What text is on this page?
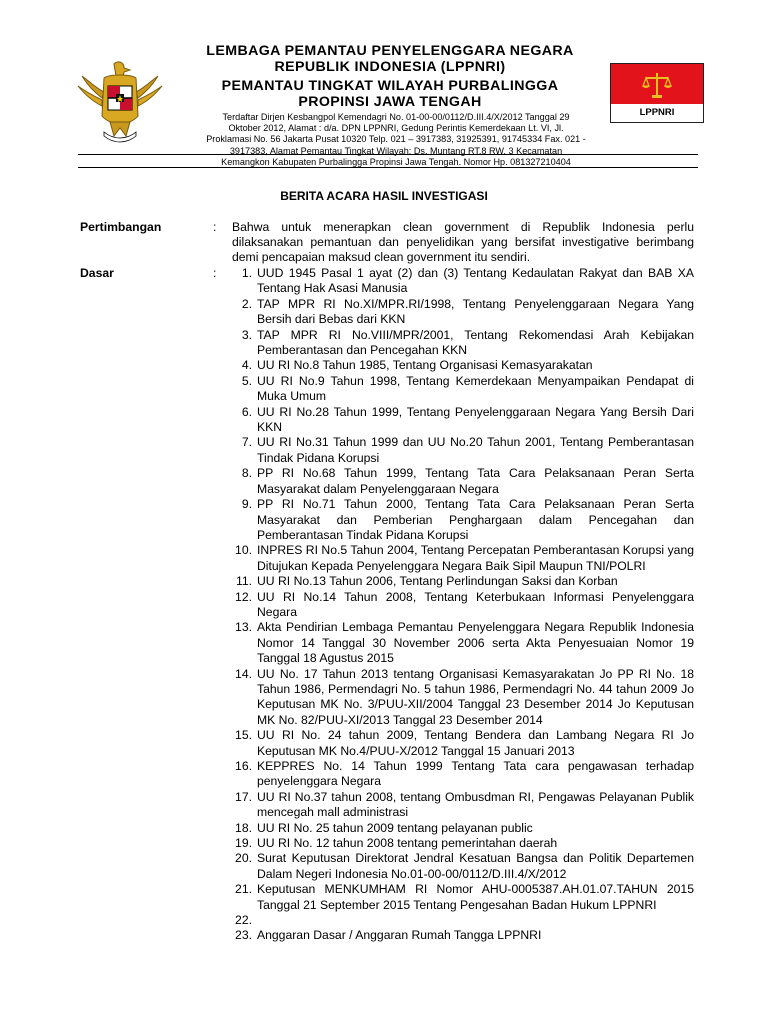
LEMBAGA PEMANTAU PENYELENGGARA NEGARA
REPUBLIK INDONESIA (LPPNRI)
PEMANTAU TINGKAT WILAYAH PURBALINGGA
PROPINSI JAWA TENGAH
Terdaftar Dirjen Kesbangpol Kemendagri No. 01-00-00/0112/D.III.4/X/2012 Tanggal 29
Oktober 2012, Alamat : d/a. DPN LPPNRI, Gedung Perintis Kemerdekaan Lt. VI, Jl.
Proklamasi No. 56 Jakarta Pusat 10320 Telp. 021 – 3917383, 31925391, 91745334 Fax. 021 -
3917383, Alamat Pemantau Tingkat Wilayah: Ds. Muntang RT.8 RW. 3 Kecamatan
Kemangkon Kabupaten Purbalingga Propinsi Jawa Tengah. Nomor Hp. 081327210404
LPPNRI
BERITA ACARA HASIL INVESTIGASI
Pertimbangan	: Bahwa untuk menerapkan clean government di Republik Indonesia perlu dilaksanakan pemantuan dan penyelidikan yang bersifat investigative berimbang demi pencapaian maksud clean government itu sendiri.
Dasar	:	1. UUD 1945 Pasal 1 ayat (2) dan (3) Tentang Kedaulatan Rakyat dan BAB XA Tentang Hak Asasi Manusia
2. TAP MPR RI No.XI/MPR.RI/1998, Tentang Penyelenggaraan Negara Yang Bersih dari Bebas dari KKN
3. TAP MPR RI No.VIII/MPR/2001, Tentang Rekomendasi Arah Kebijakan Pemberantasan dan Pencegahan KKN
4. UU RI No.8 Tahun 1985, Tentang Organisasi Kemasyarakatan
5. UU RI No.9 Tahun 1998, Tentang Kemerdekaan Menyampaikan Pendapat di Muka Umum
6. UU RI No.28 Tahun 1999, Tentang Penyelenggaraan Negara Yang Bersih Dari KKN
7. UU RI No.31 Tahun 1999 dan UU No.20 Tahun 2001, Tentang Pemberantasan Tindak Pidana Korupsi
8. PP RI No.68 Tahun 1999, Tentang Tata Cara Pelaksanaan Peran Serta Masyarakat dalam Penyelenggaraan Negara
9. PP RI No.71 Tahun 2000, Tentang Tata Cara Pelaksanaan Peran Serta Masyarakat dan Pemberian Penghargaan dalam Pencegahan dan Pemberantasan Tindak Pidana Korupsi
10. INPRES RI No.5 Tahun 2004, Tentang Percepatan Pemberantasan Korupsi yang Ditujukan Kepada Penyelenggara Negara Baik Sipil Maupun TNI/POLRI
11. UU RI No.13 Tahun 2006, Tentang Perlindungan Saksi dan Korban
12. UU RI No.14 Tahun 2008, Tentang Keterbukaan Informasi Penyelenggara Negara
13. Akta Pendirian Lembaga Pemantau Penyelenggara Negara Republik Indonesia Nomor 14 Tanggal 30 November 2006 serta Akta Penyesuaian Nomor 19 Tanggal 18 Agustus 2015
14. UU No. 17 Tahun 2013 tentang Organisasi Kemasyarakatan Jo PP RI No. 18 Tahun 1986, Permendagri No. 5 tahun 1986, Permendagri No. 44 tahun 2009 Jo Keputusan MK No. 3/PUU-XII/2004 Tanggal 23 Desember 2014 Jo Keputusan MK No. 82/PUU-XI/2013 Tanggal 23 Desember 2014
15. UU RI No. 24 tahun 2009, Tentang Bendera dan Lambang Negara RI Jo Keputusan MK No.4/PUU-X/2012 Tanggal 15 Januari 2013
16. KEPPRES No. 14 Tahun 1999 Tentang Tata cara pengawasan terhadap penyelenggara Negara
17. UU RI No.37 tahun 2008, tentang Ombusdman RI, Pengawas Pelayanan Publik mencegah mall administrasi
18. UU RI No. 25 tahun 2009 tentang pelayanan public
19. UU RI No. 12 tahun 2008 tentang pemerintahan daerah
20. Surat Keputusan Direktorat Jendral Kesatuan Bangsa dan Politik Departemen Dalam Negeri Indonesia No.01-00-00/0112/D.III.4/X/2012
21. Keputusan MENKUMHAM RI Nomor AHU-0005387.AH.01.07.TAHUN 2015 Tanggal 21 September 2015 Tentang Pengesahan Badan Hukum LPPNRI
22.
23. Anggaran Dasar / Anggaran Rumah Tangga LPPNRI
